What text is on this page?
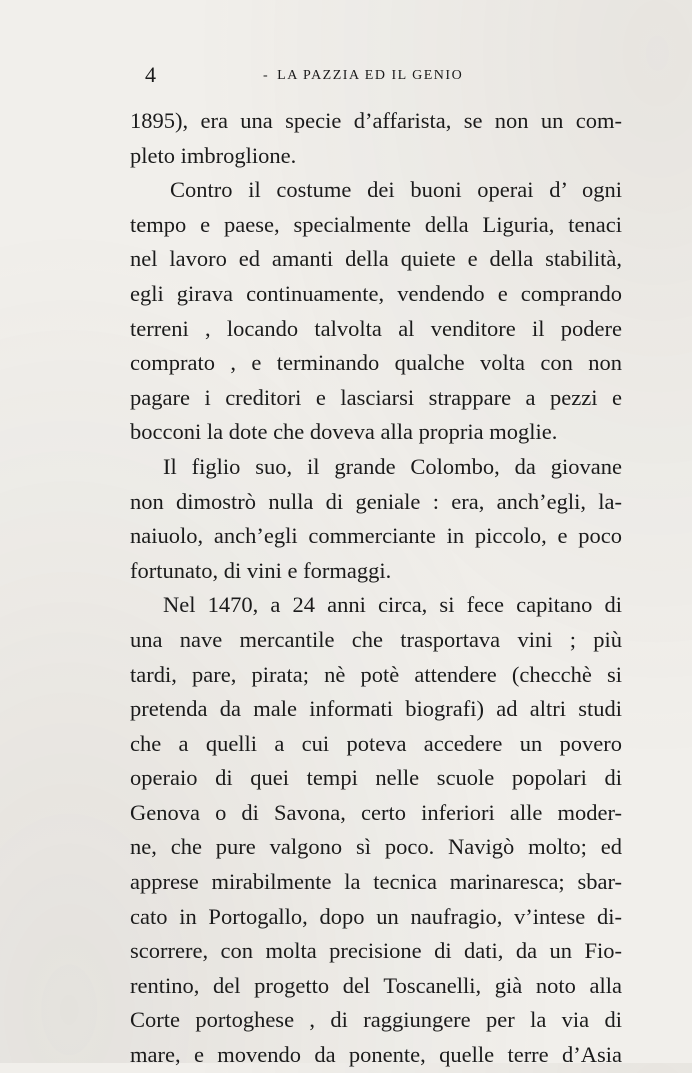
4	- LA PAZZIA ED IL GENIO
1895), era una specie d’affarista, se non un com-
pleto imbroglione.
Contro il costume dei buoni operai d’ ogni
tempo e paese, specialmente della Liguria, tenaci
nel lavoro ed amanti della quiete e della stabilità,
egli girava continuamente, vendendo e comprando
terreni , locando talvolta al venditore il podere
comprato , e terminando qualche volta con non
pagare i creditori e lasciarsi strappare a pezzi e
bocconi la dote che doveva alla propria moglie.
Il figlio suo, il grande Colombo, da giovane
non dimostrò nulla di geniale : era, anch’egli, la-
naiuolo, anch’egli commerciante in piccolo, e poco
fortunato, di vini e formaggi.
Nel 1470, a 24 anni circa, si fece capitano di
una nave mercantile che trasportava vini ; più
tardi, pare, pirata; nè potè attendere (checchè si
pretenda da male informati biografi) ad altri studi
che a quelli a cui poteva accedere un povero
operaio di quei tempi nelle scuole popolari di
Genova o di Savona, certo inferiori alle moder-
ne, che pure valgono sì poco. Navigò molto; ed
apprese mirabilmente la tecnica marinaresca; sbar-
cato in Portogallo, dopo un naufragio, v’intese di-
scorrere, con molta precisione di dati, da un Fio-
rentino, del progetto del Toscanelli, già noto alla
Corte portoghese , di raggiungere per la via di
mare, e movendo da ponente, quelle terre d’Asia
